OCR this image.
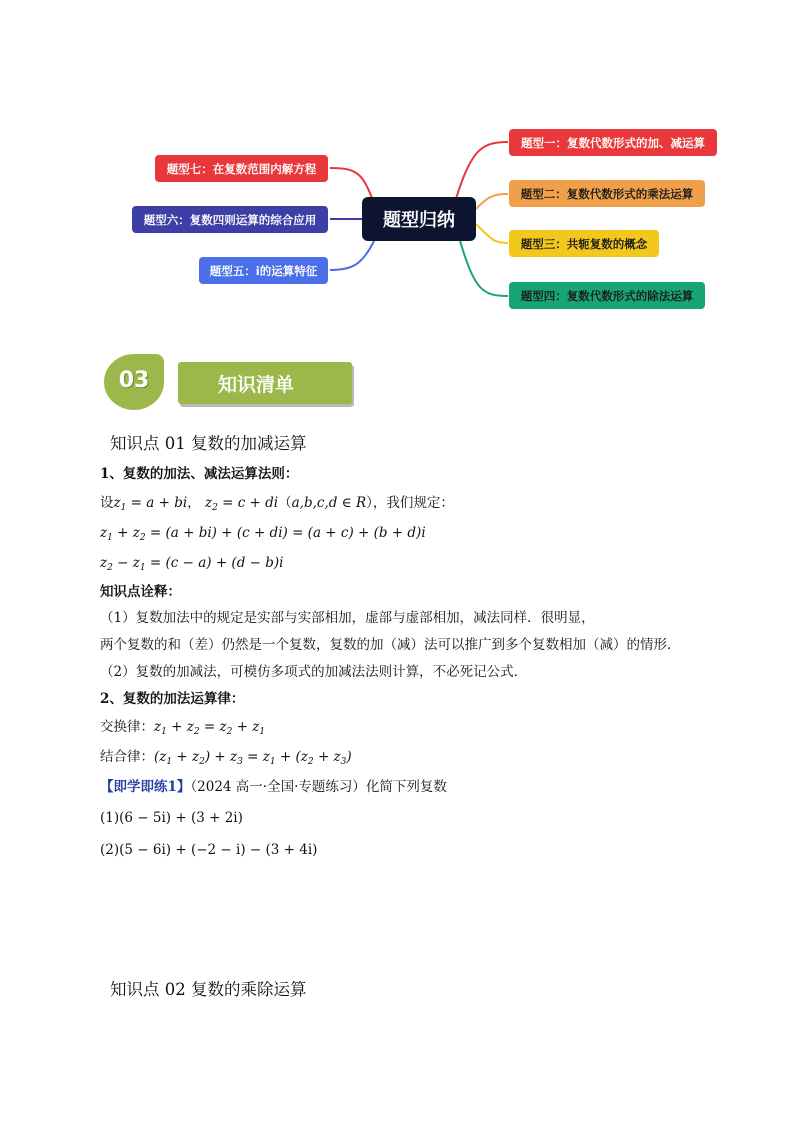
题型归纳
题型一：复数代数形式的加、减运算
题型二：复数代数形式的乘法运算
题型三：共轭复数的概念
题型四：复数代数形式的除法运算
题型七：在复数范围内解方程
题型六：复数四则运算的综合应用
题型五：i的运算特征
03	知识清单
知识点 01 复数的加减运算
1、复数的加法、减法运算法则：
设$z_1 = a$ + bi， $z_2 = c + di(a,b,c,d$ ∈ R），我们规定：
$z_1 + z_2 = (a + bi) + (c + di) = (a + c) + (b + d)i$
$z_2 - z_1 = (c - a) + (d - b)i$
知识点诠释：
（1）复数加法中的规定是实部与实部相加，虚部与虚部相加，减法同样．很明显，
两个复数的和（差）仍然是一个复数，复数的加（减）法可以推广到多个复数相加（减）的情形．
（2）复数的加减法，可模仿多项式的加减法法则计算，不必死记公式．
2、复数的加法运算律：
交换律：$z_1 + z_2 = z_2 + z_1$
结合律：$(z_1 + z_2) + z_3 = z_1 + (z_2 + z_3)$
【即学即练1】（2024 高一·全国·专题练习）化简下列复数
(1)(6 − 5i) + (3 + 2i)
(2)(5 − 6i) + (−2 − i) − (3 + 4i)
知识点 02 复数的乘除运算
